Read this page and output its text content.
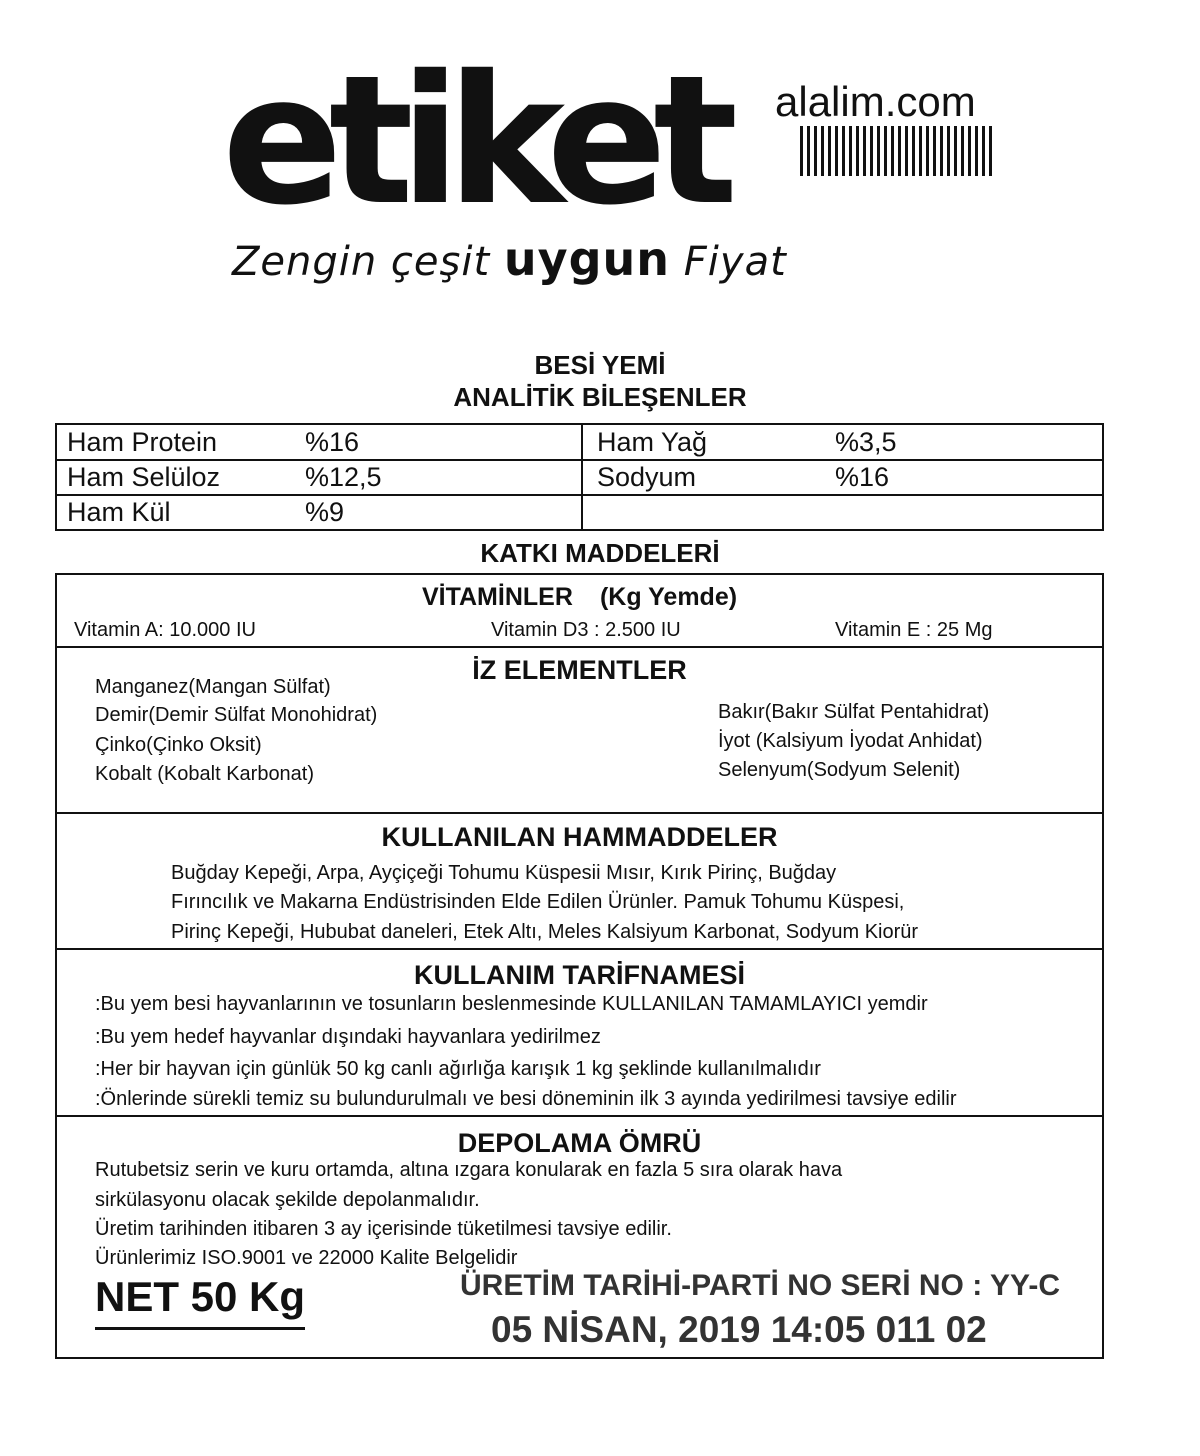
etiket alalim.com
Zengin çeşit uygun Fiyat
BESİ YEMİ
ANALİTİK BİLEŞENLER
Ham Protein	%16	Ham Yağ	%3,5
Ham Selüloz	%12,5	Sodyum	%16
Ham Kül	%9
KATKI MADDELERİ
VİTAMİNLER (Kg Yemde)
Vitamin A: 10.000 IU	Vitamin D3 : 2.500 IU	Vitamin E : 25 Mg
İZ ELEMENTLER
Manganez(Mangan Sülfat)
Demir(Demir Sülfat Monohidrat)
Çinko(Çinko Oksit)
Kobalt (Kobalt Karbonat)
Bakır(Bakır Sülfat Pentahidrat)
İyot (Kalsiyum İyodat Anhidat)
Selenyum(Sodyum Selenit)
KULLANILAN HAMMADDELER
Buğday Kepeği, Arpa, Ayçiçeği Tohumu Küspesii Mısır, Kırık Pirinç, Buğday
Fırıncılık ve Makarna Endüstrisinden Elde Edilen Ürünler. Pamuk Tohumu Küspesi,
Pirinç Kepeği, Hububat daneleri, Etek Altı, Meles Kalsiyum Karbonat, Sodyum Kiorür
KULLANIM TARİFNAMESİ
:Bu yem besi hayvanlarının ve tosunların beslenmesinde KULLANILAN TAMAMLAYICI yemdir
:Bu yem hedef hayvanlar dışındaki hayvanlara yedirilmez
:Her bir hayvan için günlük 50 kg canlı ağırlığa karışık 1 kg şeklinde kullanılmalıdır
:Önlerinde sürekli temiz su bulundurulmalı ve besi döneminin ilk 3 ayında yedirilmesi tavsiye edilir
DEPOLAMA ÖMRÜ
Rutubetsiz serin ve kuru ortamda, altına ızgara konularak en fazla 5 sıra olarak hava
sirkülasyonu olacak şekilde depolanmalıdır.
Üretim tarihinden itibaren 3 ay içerisinde tüketilmesi tavsiye edilir.
Ürünlerimiz ISO.9001 ve 22000 Kalite Belgelidir
NET 50 Kg	ÜRETİM TARİHİ-PARTİ NO SERİ NO : YY-C
05 NİSAN, 2019 14:05 011 02
